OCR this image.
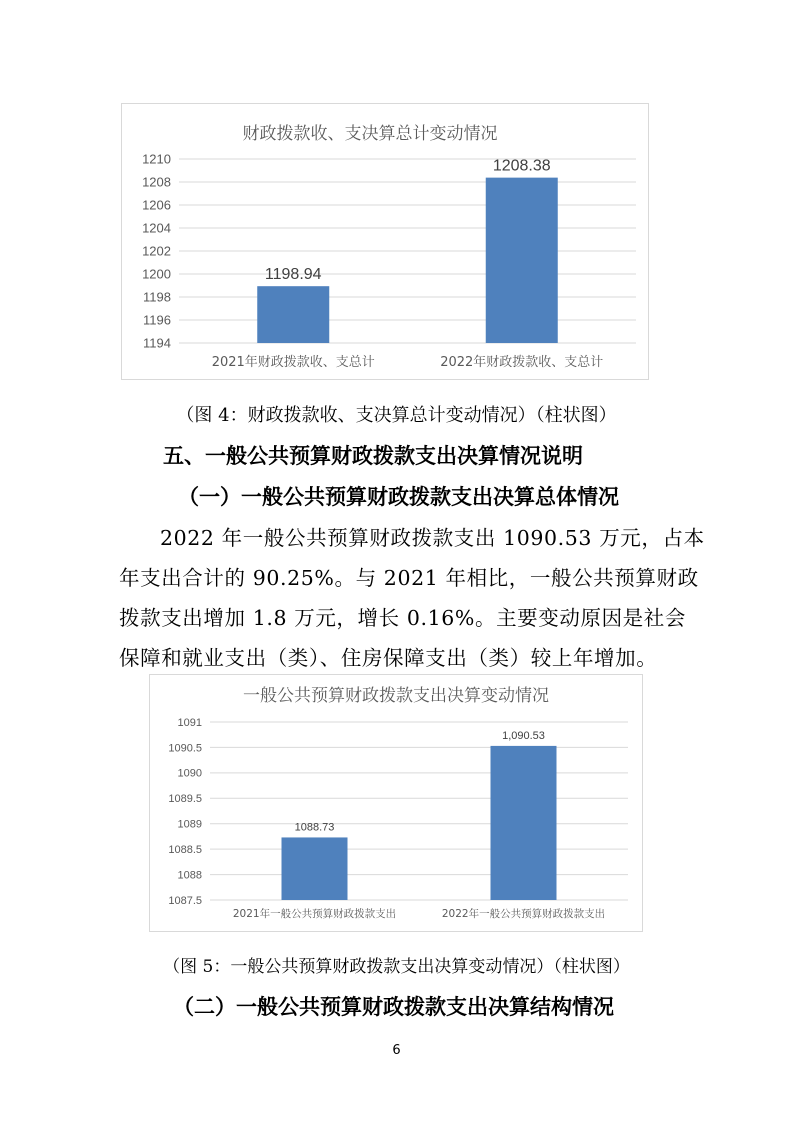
财政拨款收、支决算总计变动情况
1194
1196
1198
1200
1202
1204
1206
1208
1210
1198.94
2021年财政拨款收、支总计
1208.38
2022年财政拨款收、支总计
（图 4：财政拨款收、支决算总计变动情况）（柱状图）
五、一般公共预算财政拨款支出决算情况说明
（一）一般公共预算财政拨款支出决算总体情况
2022 年一般公共预算财政拨款支出 1090.53 万元，占本
年支出合计的 90.25%。与 2021 年相比，一般公共预算财政
拨款支出增加 1.8 万元，增长 0.16%。主要变动原因是社会
保障和就业支出（类）、住房保障支出（类）较上年增加。
一般公共预算财政拨款支出决算变动情况
1087.5
1088
1088.5
1089
1089.5
1090
1090.5
1091
1088.73
2021年一般公共预算财政拨款支出
1,090.53
2022年一般公共预算财政拨款支出
（图 5：一般公共预算财政拨款支出决算变动情况）（柱状图）
（二）一般公共预算财政拨款支出决算结构情况
6
